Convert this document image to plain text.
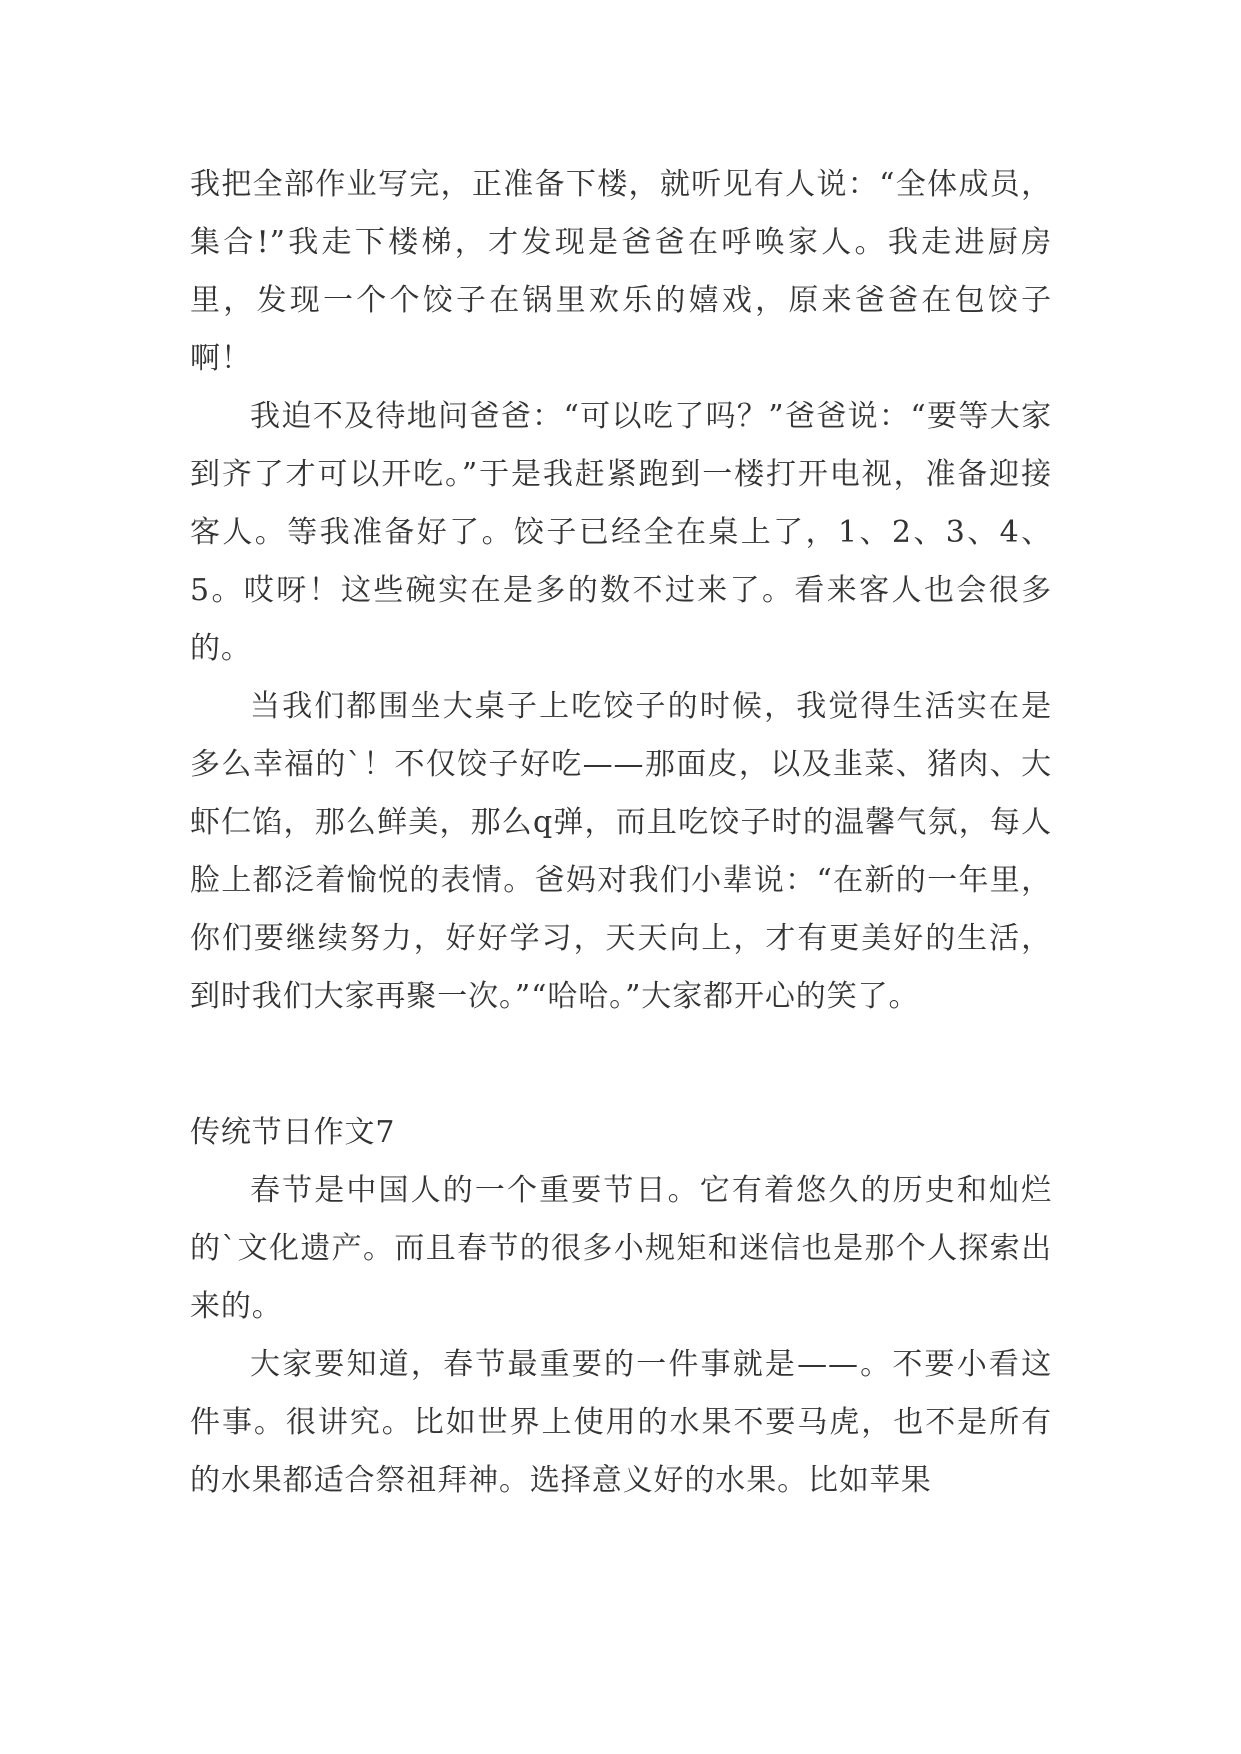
我把全部作业写完，正准备下楼，就听见有人说：“全体成员，集合!”我走下楼梯，才发现是爸爸在呼唤家人。我走进厨房里，发现一个个饺子在锅里欢乐的嬉戏，原来爸爸在包饺子啊！

我迫不及待地问爸爸：“可以吃了吗？”爸爸说：“要等大家到齐了才可以开吃。”于是我赶紧跑到一楼打开电视，准备迎接客人。等我准备好了。饺子已经全在桌上了，1、2、3、4、5。哎呀！这些碗实在是多的数不过来了。看来客人也会很多的。

当我们都围坐大桌子上吃饺子的时候，我觉得生活实在是多么幸福的`！不仅饺子好吃——那面皮，以及韭菜、猪肉、大虾仁馅，那么鲜美，那么q弹，而且吃饺子时的温馨气氛，每人脸上都泛着愉悦的表情。爸妈对我们小辈说：“在新的一年里，你们要继续努力，好好学习，天天向上，才有更美好的生活，到时我们大家再聚一次。”“哈哈。”大家都开心的笑了。

传统节日作文7

春节是中国人的一个重要节日。它有着悠久的历史和灿烂的`文化遗产。而且春节的很多小规矩和迷信也是那个人探索出来的。

大家要知道，春节最重要的一件事就是——。不要小看这件事。很讲究。比如世界上使用的水果不要马虎，也不是所有的水果都适合祭祖拜神。选择意义好的水果。比如苹果
